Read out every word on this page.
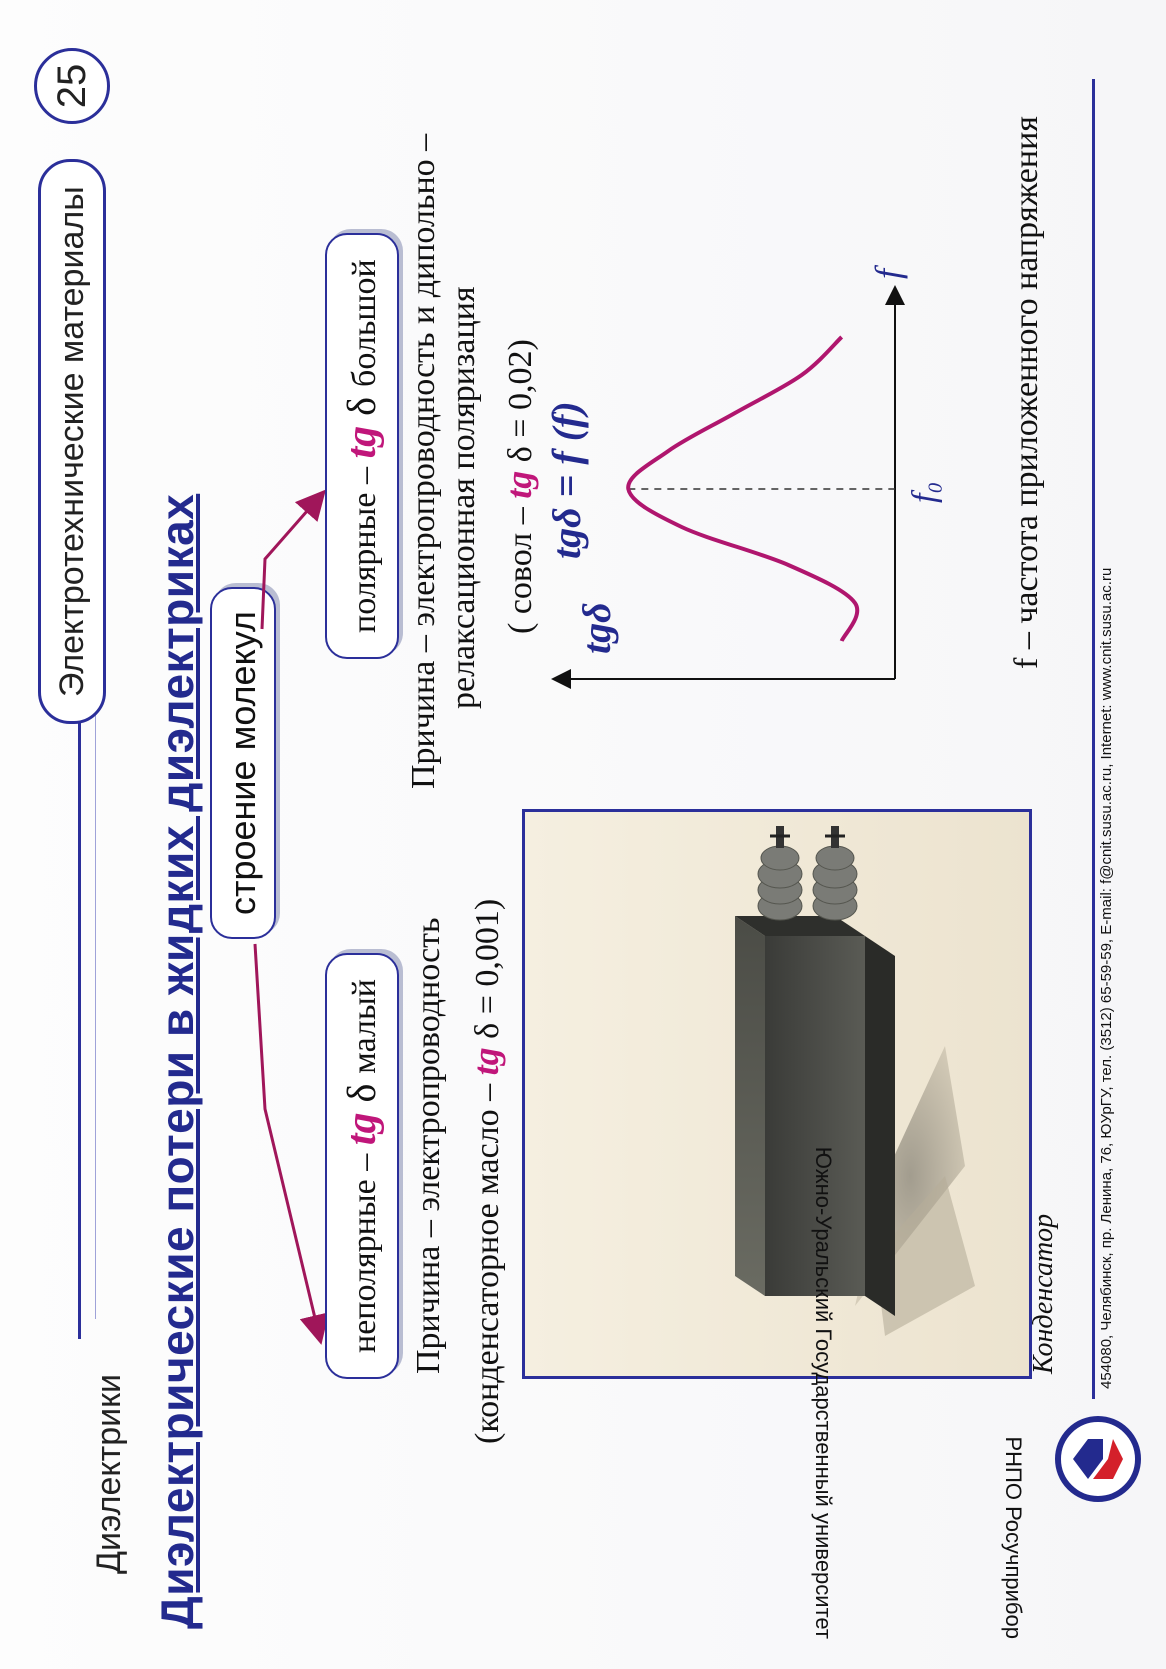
Диэлектрики
Электротехнические материалы
25
Диэлектрические потери в жидких диэлектриках строение молекул
неполярные – tg δ малый
полярные – tg δ большой
Причина – электропроводность (конденсаторное масло – tg δ = 0,001)
Причина – электропроводность и дипольно – релаксационная поляризация ( совол – tg δ = 0,02)
Конденсатор
tgδ
tgδ = f (f)
f
f₀ f – частота приложенного напряжения
454080, Челябинск, пр. Ленина, 76, ЮУрГУ, тел. (3512) 65-59-59, E-mail: f@cnit.susu.ac.ru, Internet: www.cnit.susu.ac.ru
Южно-Уральский Государственный университет	РНПО Росучприбор
